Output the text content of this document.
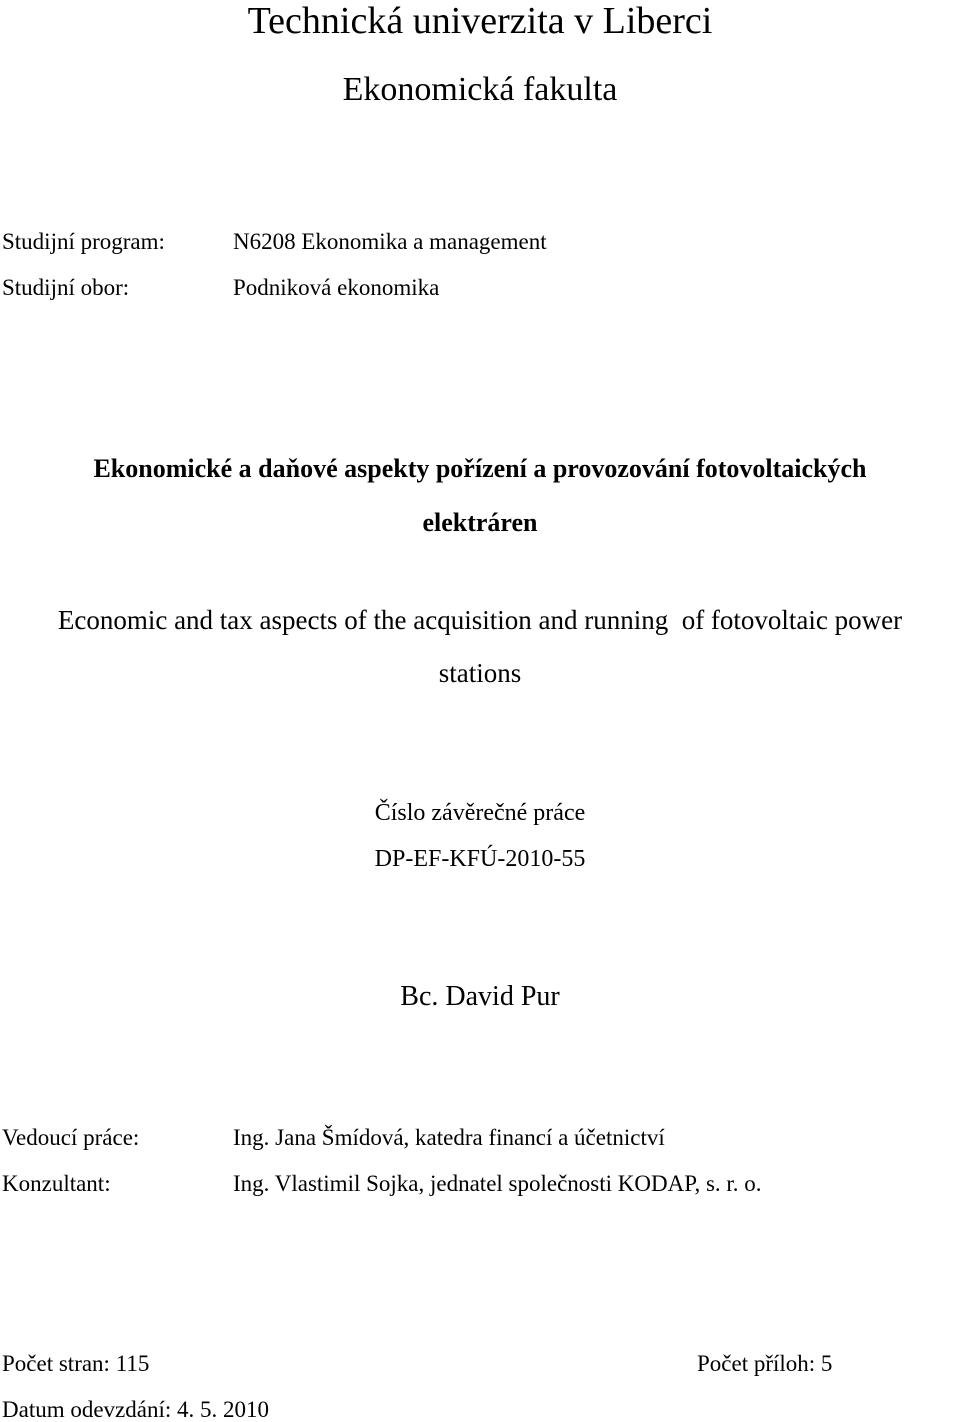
Technická univerzita v Liberci
Ekonomická fakulta
Studijní program:	N6208 Ekonomika a management
Studijní obor:	Podniková ekonomika
Ekonomické a daňové aspekty pořízení a provozování fotovoltaických
elektráren
Economic and tax aspects of the acquisition and running  of fotovoltaic power
stations
Číslo závěrečné práce
DP-EF-KFÚ-2010-55
Bc. David Pur
Vedoucí práce:	Ing. Jana Šmídová, katedra financí a účetnictví
Konzultant:	Ing. Vlastimil Sojka, jednatel společnosti KODAP, s. r. o.
Počet stran: 115	Počet příloh: 5
Datum odevzdání: 4. 5. 2010
